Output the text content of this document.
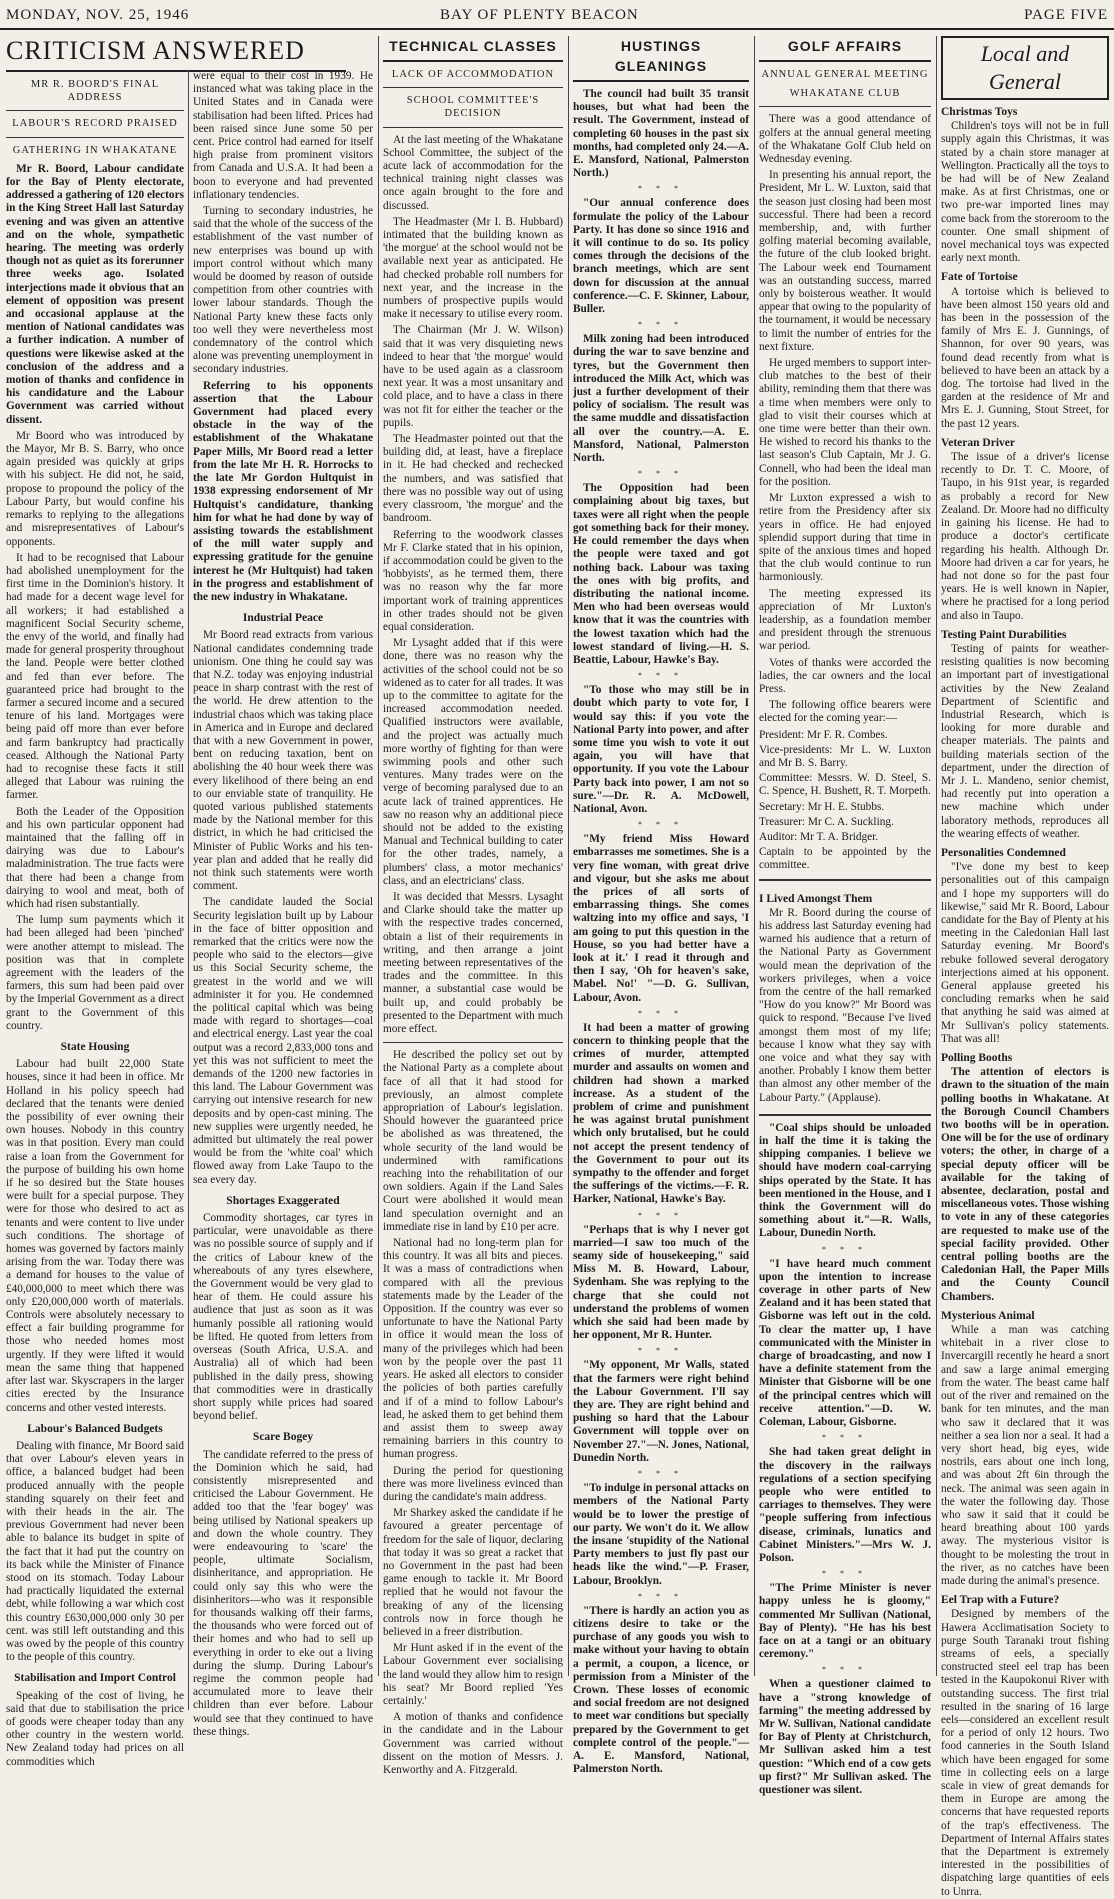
MONDAY, NOV. 25, 1946	BAY OF PLENTY BEACON	PAGE FIVE
CRITICISM ANSWERED
MR R. BOORD'S FINAL ADDRESS
LABOUR'S RECORD PRAISED
GATHERING IN WHAKATANE

Mr R. Boord, Labour candidate for the Bay of Plenty electorate, addressed a gathering of 120 electors in the King Street Hall last Saturday evening and was given an attentive and on the whole, sympathetic hearing. The meeting was orderly though not as quiet as its forerunner three weeks ago. Isolated interjections made it obvious that an element of opposition was present and occasional applause at the mention of National candidates was a further indication. A number of questions were likewise asked at the conclusion of the address and a motion of thanks and confidence in his candidature and the Labour Government was carried without dissent.

Mr Boord who was introduced by the Mayor, Mr B. S. Barry, who once again presided was quickly at grips with his subject. He did not, he said, propose to propound the policy of the Labour Party, but would confine his remarks to replying to the allegations and misrepresentatives of Labour's opponents.

It had to be recognised that Labour had abolished unemployment for the first time in the Dominion's history. It had made for a decent wage level for all workers; it had established a magnificent Social Security scheme, the envy of the world, and finally had made for general prosperity throughout the land. People were better clothed and fed than ever before. The guaranteed price had brought to the farmer a secured income and a secured tenure of his land. Mortgages were being paid off more than ever before and farm bankruptcy had practically ceased. Although the National Party had to recognise these facts it still alleged that Labour was ruining the farmer.

Both the Leader of the Opposition and his own particular opponent had maintained that the falling off in dairying was due to Labour's maladministration. The true facts were that there had been a change from dairying to wool and meat, both of which had risen substantially.

The lump sum payments which it had been alleged had been 'pinched' were another attempt to mislead. The position was that in complete agreement with the leaders of the farmers, this sum had been paid over by the Imperial Government as a direct grant to the Government of this country.

State Housing

Labour had built 22,000 State houses, since it had been in office. Mr Holland in his policy speech had declared that the tenants were denied the possibility of ever owning their own houses. Nobody in this country was in that position. Every man could raise a loan from the Government for the purpose of building his own home if he so desired but the State houses were built for a special purpose. They were for those who desired to act as tenants and were content to live under such conditions. The shortage of homes was governed by factors mainly arising from the war. Today there was a demand for houses to the value of £40,000,000 to meet which there was only £20,000,000 worth of materials. Controls were absolutely necessary to effect a fair building programme for those who needed homes most urgently. If they were lifted it would mean the same thing that happened after last war. Skyscrapers in the larger cities erected by the Insurance concerns and other vested interests.

Labour's Balanced Budgets

Dealing with finance, Mr Boord said that over Labour's eleven years in office, a balanced budget had been produced annually with the people standing squarely on their feet and with their heads in the air. The previous Government had never been able to balance its budget in spite of the fact that it had put the country on its back while the Minister of Finance stood on its stomach. Today Labour had practically liquidated the external debt, while following a war which cost this country £630,000,000 only 30 per cent. was still left outstanding and this was owed by the people of this country to the people of this country.

Stabilisation and Import Control

Speaking of the cost of living, he said that due to stabilisation the price of goods were cheaper today than any other country in the western world. New Zealand today had prices on all commodities which

were equal to their cost in 1939. He instanced what was taking place in the United States and in Canada were stabilisation had been lifted. Prices had been raised since June some 50 per cent. Price control had earned for itself high praise from prominent visitors from Canada and U.S.A. It had been a boon to everyone and had prevented inflationary tendencies.

Turning to secondary industries, he said that the whole of the success of the establishment of the vast number of new enterprises was bound up with import control without which many would be doomed by reason of outside competition from other countries with lower labour standards. Though the National Party knew these facts only too well they were nevertheless most condemnatory of the control which alone was preventing unemployment in secondary industries.

Referring to his opponents assertion that the Labour Government had placed every obstacle in the way of the establishment of the Whakatane Paper Mills, Mr Boord read a letter from the late Mr H. R. Horrocks to the late Mr Gordon Hultquist in 1938 expressing endorsement of Mr Hultquist's candidature, thanking him for what he had done by way of assisting towards the establishment of the mill water supply and expressing gratitude for the genuine interest he (Mr Hultquist) had taken in the progress and establishment of the new industry in Whakatane.

Industrial Peace

Mr Boord read extracts from various National candidates condemning trade unionism. One thing he could say was that N.Z. today was enjoying industrial peace in sharp contrast with the rest of the world. He drew attention to the industrial chaos which was taking place in America and in Europe and declared that with a new Government in power, bent on reducing taxation, bent on abolishing the 40 hour week there was every likelihood of there being an end to our enviable state of tranquility. He quoted various published statements made by the National member for this district, in which he had criticised the Minister of Public Works and his ten-year plan and added that he really did not think such statements were worth comment.

The candidate lauded the Social Security legislation built up by Labour in the face of bitter opposition and remarked that the critics were now the people who said to the electors—give us this Social Security scheme, the greatest in the world and we will administer it for you. He condemned the political capital which was being made with regard to shortages—coal and electrical energy. Last year the coal output was a record 2,833,000 tons and yet this was not sufficient to meet the demands of the 1200 new factories in this land. The Labour Government was carrying out intensive research for new deposits and by open-cast mining. The new supplies were urgently needed, he admitted but ultimately the real power would be from the 'white coal' which flowed away from Lake Taupo to the sea every day.

Shortages Exaggerated

Commodity shortages, car tyres in particular, were unavoidable as there was no possible source of supply and if the critics of Labour knew of the whereabouts of any tyres elsewhere, the Government would be very glad to hear of them. He could assure his audience that just as soon as it was humanly possible all rationing would be lifted. He quoted from letters from overseas (South Africa, U.S.A. and Australia) all of which had been published in the daily press, showing that commodities were in drastically short supply while prices had soared beyond belief.

Scare Bogey

The candidate referred to the press of the Dominion which he said, had consistently misrepresented and criticised the Labour Government. He added too that the 'fear bogey' was being utilised by National speakers up and down the whole country. They were endeavouring to 'scare' the people, ultimate Socialism, disinheritance, and appropriation. He could only say this who were the disinheritors—who was it responsible for thousands walking off their farms, the thousands who were forced out of their homes and who had to sell up everything in order to eke out a living during the slump. During Labour's regime the common people had accumulated more to leave their children than ever before. Labour would see that they continued to have these things.

TECHNICAL CLASSES
LACK OF ACCOMMODATION
SCHOOL COMMITTEE'S DECISION

At the last meeting of the Whakatane School Committee, the subject of the acute lack of accommodation for the technical training night classes was once again brought to the fore and discussed.

The Headmaster (Mr I. B. Hubbard) intimated that the building known as 'the morgue' at the school would not be available next year as anticipated. He had checked probable roll numbers for next year, and the increase in the numbers of prospective pupils would make it necessary to utilise every room.

The Chairman (Mr J. W. Wilson) said that it was very disquieting news indeed to hear that 'the morgue' would have to be used again as a classroom next year. It was a most unsanitary and cold place, and to have a class in there was not fit for either the teacher or the pupils.

The Headmaster pointed out that the building did, at least, have a fireplace in it. He had checked and rechecked the numbers, and was satisfied that there was no possible way out of using every classroom, 'the morgue' and the bandroom.

Referring to the woodwork classes Mr F. Clarke stated that in his opinion, if accommodation could be given to the 'hobbyists', as he termed them, there was no reason why the far more important work of training apprentices in other trades should not be given equal consideration.

Mr Lysaght added that if this were done, there was no reason why the activities of the school could not be so widened as to cater for all trades. It was up to the committee to agitate for the increased accommodation needed. Qualified instructors were available, and the project was actually much more worthy of fighting for than were swimming pools and other such ventures. Many trades were on the verge of becoming paralysed due to an acute lack of trained apprentices. He saw no reason why an additional piece should not be added to the existing Manual and Technical building to cater for the other trades, namely, a plumbers' class, a motor mechanics' class, and an electricians' class.

It was decided that Messrs. Lysaght and Clarke should take the matter up with the respective trades concerned, obtain a list of their requirements in writing, and then arrange a joint meeting between representatives of the trades and the committee. In this manner, a substantial case would be built up, and could probably be presented to the Department with much more effect.

He described the policy set out by the National Party as a complete about face of all that it had stood for previously, an almost complete appropriation of Labour's legislation. Should however the guaranteed price be abolished as was threatened, the whole security of the land would be undermined with ramifications reaching into the rehabilitation of our own soldiers. Again if the Land Sales Court were abolished it would mean land speculation overnight and an immediate rise in land by £10 per acre.

National had no long-term plan for this country. It was all bits and pieces. It was a mass of contradictions when compared with all the previous statements made by the Leader of the Opposition. If the country was ever so unfortunate to have the National Party in office it would mean the loss of many of the privileges which had been won by the people over the past 11 years. He asked all electors to consider the policies of both parties carefully and if of a mind to follow Labour's lead, he asked them to get behind them and assist them to sweep away remaining barriers in this country to human progress.

During the period for questioning there was more liveliness evinced than during the candidate's main address.

Mr Sharkey asked the candidate if he favoured a greater percentage of freedom for the sale of liquor, declaring that today it was so great a racket that no Government in the past had been game enough to tackle it. Mr Boord replied that he would not favour the breaking of any of the licensing controls now in force though he believed in a freer distribution.

Mr Hunt asked if in the event of the Labour Government ever socialising the land would they allow him to resign his seat? Mr Boord replied 'Yes certainly.'

A motion of thanks and confidence in the candidate and in the Labour Government was carried without dissent on the motion of Messrs. J. Kenworthy and A. Fitzgerald.

HUSTINGS GLEANINGS

The council had built 35 transit houses, but what had been the result. The Government, instead of completing 60 houses in the past six months, had completed only 24.—A. E. Mansford, National, Palmerston North.)

* * *

"Our annual conference does formulate the policy of the Labour Party. It has done so since 1916 and it will continue to do so. Its policy comes through the decisions of the branch meetings, which are sent down for discussion at the annual conference.—C. F. Skinner, Labour, Buller.

* * *

Milk zoning had been introduced during the war to save benzine and tyres, but the Government then introduced the Milk Act, which was just a further development of their policy of socialism. The result was the same muddle and dissatisfaction all over the country.—A. E. Mansford, National, Palmerston North.

* * *

The Opposition had been complaining about big taxes, but taxes were all right when the people got something back for their money. He could remember the days when the people were taxed and got nothing back. Labour was taxing the ones with big profits, and distributing the national income. Men who had been overseas would know that it was the countries with the lowest taxation which had the lowest standard of living.—H. S. Beattie, Labour, Hawke's Bay.

* * *

"To those who may still be in doubt which party to vote for, I would say this: if you vote the National Party into power, and after some time you wish to vote it out again, you will have that opportunity. If you vote the Labour Party back into power, I am not so sure."—Dr. R. A. McDowell, National, Avon.

* * *

"My friend Miss Howard embarrasses me sometimes. She is a very fine woman, with great drive and vigour, but she asks me about the prices of all sorts of embarrassing things. She comes waltzing into my office and says, 'I am going to put this question in the House, so you had better have a look at it.' I read it through and then I say, 'Oh for heaven's sake, Mabel. No!' "—D. G. Sullivan, Labour, Avon.

* * *

It had been a matter of growing concern to thinking people that the crimes of murder, attempted murder and assaults on women and children had shown a marked increase. As a student of the problem of crime and punishment he was against brutal punishment which only brutalised, but he could not accept the present tendency of the Government to pour out its sympathy to the offender and forget the sufferings of the victims.—F. R. Harker, National, Hawke's Bay.

* * *

"Perhaps that is why I never got married—I saw too much of the seamy side of housekeeping," said Miss M. B. Howard, Labour, Sydenham. She was replying to the charge that she could not understand the problems of women which she said had been made by her opponent, Mr R. Hunter.

* * *

"My opponent, Mr Walls, stated that the farmers were right behind the Labour Government. I'll say they are. They are right behind and pushing so hard that the Labour Government will topple over on November 27."—N. Jones, National, Dunedin North.

* * *

"To indulge in personal attacks on members of the National Party would be to lower the prestige of our party. We won't do it. We allow the insane 'stupidity of the National Party members to just fly past our heads like the wind."—P. Fraser, Labour, Brooklyn.

* * *

"There is hardly an action you as citizens desire to take or the purchase of any goods you wish to make without your having to obtain a permit, a coupon, a licence, or permission from a Minister of the Crown. These losses of economic and social freedom are not designed to meet war conditions but specially prepared by the Government to get complete control of the people."—A. E. Mansford, National, Palmerston North.

GOLF AFFAIRS
ANNUAL GENERAL MEETING
WHAKATANE CLUB

There was a good attendance of golfers at the annual general meeting of the Whakatane Golf Club held on Wednesday evening.

In presenting his annual report, the President, Mr L. W. Luxton, said that the season just closing had been most successful. There had been a record membership, and, with further golfing material becoming available, the future of the club looked bright. The Labour week end Tournament was an outstanding success, marred only by boisterous weather. It would appear that owing to the popularity of the tournament, it would be necessary to limit the number of entries for the next fixture.

He urged members to support inter-club matches to the best of their ability, reminding them that there was a time when members were only to glad to visit their courses which at one time were better than their own. He wished to record his thanks to the last season's Club Captain, Mr J. G. Connell, who had been the ideal man for the position.

Mr Luxton expressed a wish to retire from the Presidency after six years in office. He had enjoyed splendid support during that time in spite of the anxious times and hoped that the club would continue to run harmoniously.

The meeting expressed its appreciation of Mr Luxton's leadership, as a foundation member and president through the strenuous war period.

Votes of thanks were accorded the ladies, the car owners and the local Press.

The following office bearers were elected for the coming year:—

President: Mr F. R. Combes.

Vice-presidents: Mr L. W. Luxton and Mr B. S. Barry.

Committee: Messrs. W. D. Steel, S. C. Spence, H. Bushett, R. T. Morpeth.

Secretary: Mr H. E. Stubbs.

Treasurer: Mr C. A. Suckling.

Auditor: Mr T. A. Bridger.

Captain to be appointed by the committee.

I Lived Amongst Them

Mr R. Boord during the course of his address last Saturday evening had warned his audience that a return of the National Party as Government would mean the deprivation of the workers privileges, when a voice from the centre of the hall remarked "How do you know?" Mr Boord was quick to respond. "Because I've lived amongst them most of my life; because I know what they say with one voice and what they say with another. Probably I know them better than almost any other member of the Labour Party." (Applause).

"Coal ships should be unloaded in half the time it is taking the shipping companies. I believe we should have modern coal-carrying ships operated by the State. It has been mentioned in the House, and I think the Government will do something about it."—R. Walls, Labour, Dunedin North.

* * *

"I have heard much comment upon the intention to increase coverage in other parts of New Zealand and it has been stated that Gisborne was left out in the cold. To clear the matter up, I have communicated with the Minister in charge of broadcasting, and now I have a definite statement from the Minister that Gisborne will be one of the principal centres which will receive attention."—D. W. Coleman, Labour, Gisborne.

* * *

She had taken great delight in the discovery in the railways regulations of a section specifying people who were entitled to carriages to themselves. They were "people suffering from infectious disease, criminals, lunatics and Cabinet Ministers."—Mrs W. J. Polson.

* * *

"The Prime Minister is never happy unless he is gloomy," commented Mr Sullivan (National, Bay of Plenty). "He has his best face on at a tangi or an obituary ceremony."

* * *

When a questioner claimed to have a "strong knowledge of farming" the meeting addressed by Mr W. Sullivan, National candidate for Bay of Plenty at Christchurch, Mr Sullivan asked him a test question: "Which end of a cow gets up first?" Mr Sullivan asked. The questioner was silent.

Local and General
Christmas Toys

Children's toys will not be in full supply again this Christmas, it was stated by a chain store manager at Wellington. Practically all the toys to be had will be of New Zealand make. As at first Christmas, one or two pre-war imported lines may come back from the storeroom to the counter. One small shipment of novel mechanical toys was expected early next month.

Fate of Tortoise

A tortoise which is believed to have been almost 150 years old and has been in the possession of the family of Mrs E. J. Gunnings, of Shannon, for over 90 years, was found dead recently from what is believed to have been an attack by a dog. The tortoise had lived in the garden at the residence of Mr and Mrs E. J. Gunning, Stout Street, for the past 12 years.

Veteran Driver

The issue of a driver's license recently to Dr. T. C. Moore, of Taupo, in his 91st year, is regarded as probably a record for New Zealand. Dr. Moore had no difficulty in gaining his license. He had to produce a doctor's certificate regarding his health. Although Dr. Moore had driven a car for years, he had not done so for the past four years. He is well known in Napier, where he practised for a long period and also in Taupo.

Testing Paint Durabilities

Testing of paints for weather-resisting qualities is now becoming an important part of investigational activities by the New Zealand Department of Scientific and Industrial Research, which is looking for more durable and cheaper materials. The paints and building materials section of the department, under the direction of Mr J. L. Mandeno, senior chemist, had recently put into operation a new machine which under laboratory methods, reproduces all the wearing effects of weather.

Personalities Condemned

"I've done my best to keep personalities out of this campaign and I hope my supporters will do likewise," said Mr R. Boord, Labour candidate for the Bay of Plenty at his meeting in the Caledonian Hall last Saturday evening. Mr Boord's rebuke followed several derogatory interjections aimed at his opponent. General applause greeted his concluding remarks when he said that anything he said was aimed at Mr Sullivan's policy statements. That was all!

Polling Booths

The attention of electors is drawn to the situation of the main polling booths in Whakatane. At the Borough Council Chambers two booths will be in operation. One will be for the use of ordinary voters; the other, in charge of a special deputy officer will be available for the taking of absentee, declaration, postal and miscellaneous votes. Those wishing to vote in any of these categories are requested to make use of the special facility provided. Other central polling booths are the Caledonian Hall, the Paper Mills and the County Council Chambers.

Mysterious Animal

While a man was catching whitebait in a river close to Invercargill recently he heard a snort and saw a large animal emerging from the water. The beast came half out of the river and remained on the bank for ten minutes, and the man who saw it declared that it was neither a sea lion nor a seal. It had a very short head, big eyes, wide nostrils, ears about one inch long, and was about 2ft 6in through the neck. The animal was seen again in the water the following day. Those who saw it said that it could be heard breathing about 100 yards away. The mysterious visitor is thought to be molesting the trout in the river, as no catches have been made during the animal's presence.

Eel Trap with a Future?

Designed by members of the Hawera Acclimatisation Society to purge South Taranaki trout fishing streams of eels, a specially constructed steel eel trap has been tested in the Kaupokonui River with outstanding success. The first trial resulted in the snaring of 16 large eels—considered an excellent result for a period of only 12 hours. Two food canneries in the South Island which have been engaged for some time in collecting eels on a large scale in view of great demands for them in Europe are among the concerns that have requested reports of the trap's effectiveness. The Department of Internal Affairs states that the Department is extremely interested in the possibilities of dispatching large quantities of eels to Unrra.
